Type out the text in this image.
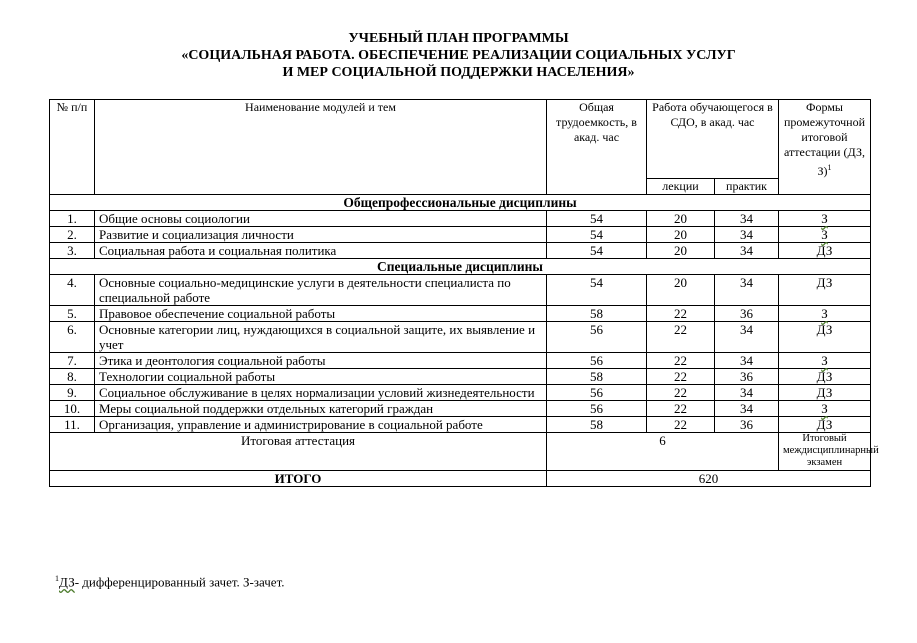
УЧЕБНЫЙ ПЛАН ПРОГРАММЫ
«СОЦИАЛЬНАЯ РАБОТА. ОБЕСПЕЧЕНИЕ РЕАЛИЗАЦИИ СОЦИАЛЬНЫХ УСЛУГ
И МЕР СОЦИАЛЬНОЙ ПОДДЕРЖКИ НАСЕЛЕНИЯ»
№ п/п	Наименование модулей и тем	Общая трудоемкость, в акад. час	Работа обучающегося в СДО, в акад. час		Формы промежуточной итоговой аттестации (ДЗ, З)$^1$
			лекции	практик	
Общепрофессиональные дисциплины					
1.	Общие основы социологии	54	20	34	З
2.	Развитие и социализация личности	54	20	34	З
3.	Социальная работа и социальная политика	54	20	34	ДЗ
Специальные дисциплины					
4.	Основные социально-медицинские услуги в деятельности специалиста по специальной работе	54	20	34	ДЗ
5.	Правовое обеспечение социальной работы	58	22	36	З
6.	Основные категории лиц, нуждающихся в социальной защите, их выявление и учет	56	22	34	ДЗ
7.	Этика и деонтология социальной работы	56	22	34	З
8.	Технологии социальной работы	58	22	36	ДЗ
9.	Социальное обслуживание в целях нормализации условий жизнедеятельности	56	22	34	ДЗ
10.	Меры социальной поддержки отдельных категорий граждан	56	22	34	З
11.	Организация, управление и администрирование в социальной работе	58	22	36	ДЗ
Итоговая аттестация		6			Итоговый междисциплинарный экзамен
ИТОГО		620			
$^1$ДЗ- дифференцированный зачет. З-зачет.
